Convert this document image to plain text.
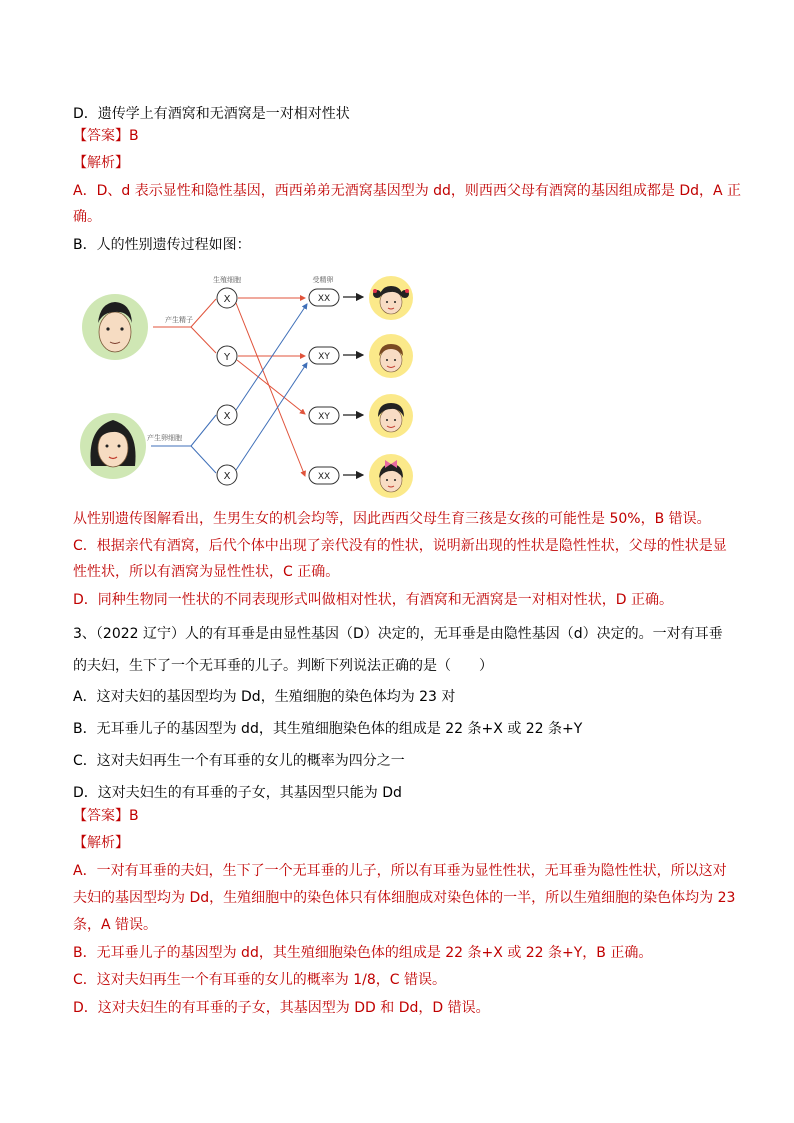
D．遗传学上有酒窝和无酒窝是一对相对性状
【答案】B
【解析】
A．D、d 表示显性和隐性基因，西西弟弟无酒窝基因型为 dd，则西西父母有酒窝的基因组成都是 Dd，A 正
确。
B．人的性别遗传过程如图：
生殖细胞	受精卵
产生精子
产生卵细胞
X
Y
X
X
XX
XY
XY
XX
从性别遗传图解看出，生男生女的机会均等，因此西西父母生育三孩是女孩的可能性是 50%，B 错误。
C．根据亲代有酒窝，后代个体中出现了亲代没有的性状，说明新出现的性状是隐性性状，父母的性状是显
性性状，所以有酒窝为显性性状，C 正确。
D．同种生物同一性状的不同表现形式叫做相对性状，有酒窝和无酒窝是一对相对性状，D 正确。
3、（2022 辽宁）人的有耳垂是由显性基因（D）决定的，无耳垂是由隐性基因（d）决定的。一对有耳垂
的夫妇，生下了一个无耳垂的儿子。判断下列说法正确的是（　　）
A．这对夫妇的基因型均为 Dd，生殖细胞的染色体均为 23 对
B．无耳垂儿子的基因型为 dd，其生殖细胞染色体的组成是 22 条+X 或 22 条+Y
C．这对夫妇再生一个有耳垂的女儿的概率为四分之一
D．这对夫妇生的有耳垂的子女，其基因型只能为 Dd
【答案】B
【解析】
A．一对有耳垂的夫妇，生下了一个无耳垂的儿子，所以有耳垂为显性性状，无耳垂为隐性性状，所以这对
夫妇的基因型均为 Dd，生殖细胞中的染色体只有体细胞成对染色体的一半，所以生殖细胞的染色体均为 23
条，A 错误。
B．无耳垂儿子的基因型为 dd，其生殖细胞染色体的组成是 22 条+X 或 22 条+Y，B 正确。
C．这对夫妇再生一个有耳垂的女儿的概率为 1/8，C 错误。
D．这对夫妇生的有耳垂的子女，其基因型为 DD 和 Dd，D 错误。
